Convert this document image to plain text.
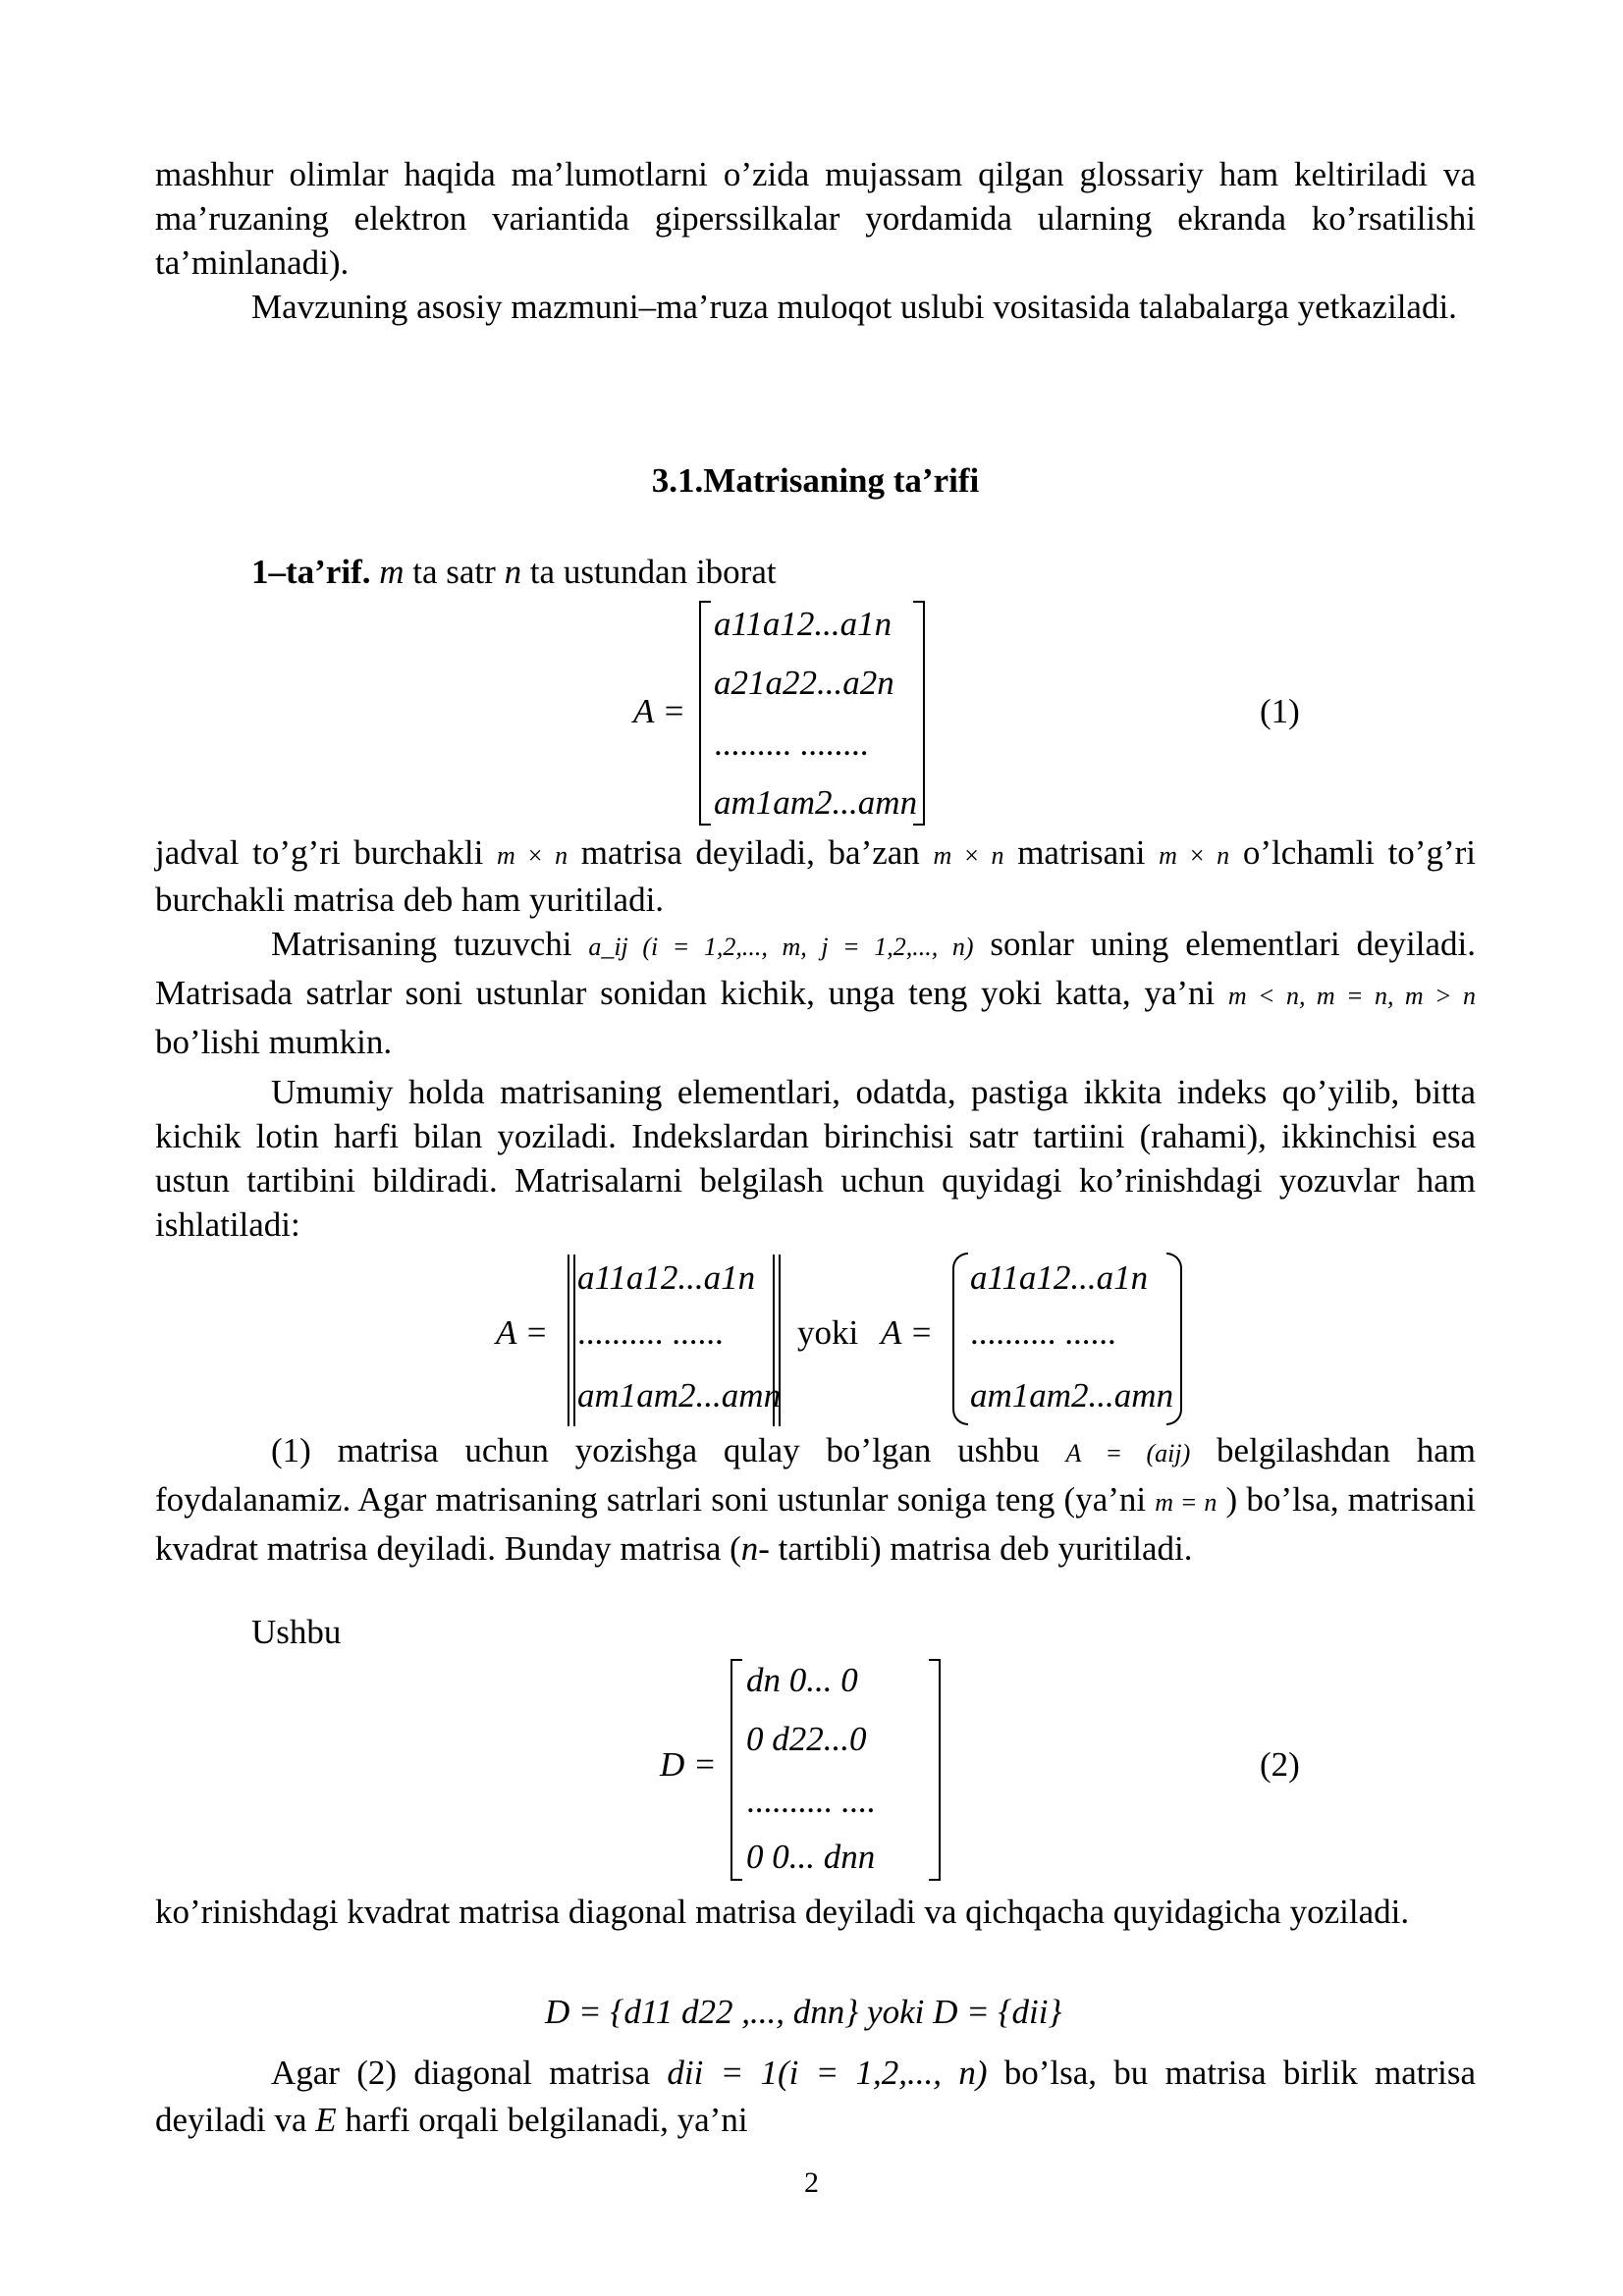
mashhur olimlar haqida ma’lumotlarni o’zida mujassam qilgan glossariy ham keltiriladi va ma’ruzaning elektron variantida giperssilkalar yordamida ularning ekranda ko’rsatilishi ta’minlanadi).

Mavzuning asosiy mazmuni–ma’ruza muloqot uslubi vositasida talabalarga yetkaziladi.

3.1.Matrisaning ta’rifi

1–ta’rif. m ta satr n ta ustundan iborat

A =
a11a12...a1n
a21a22...a2n
......... ........
am1am2...amn
(1)

jadval to’g’ri burchakli m × n matrisa deyiladi, ba’zan m × n matrisani m × n o’lchamli to’g’ri burchakli matrisa deb ham yuritiladi.

Matrisaning tuzuvchi a_ij (i = 1,2,..., m, j = 1,2,..., n) sonlar uning elementlari deyiladi. Matrisada satrlar soni ustunlar sonidan kichik, unga teng yoki katta, ya’ni m < n, m = n, m > n bo’lishi mumkin.

Umumiy holda matrisaning elementlari, odatda, pastiga ikkita indeks qo’yilib, bitta kichik lotin harfi bilan yoziladi. Indekslardan birinchisi satr tartiini (rahami), ikkinchisi esa ustun tartibini bildiradi. Matrisalarni belgilash uchun quyidagi ko’rinishdagi yozuvlar ham ishlatiladi:

A =
a11a12...a1n
.......... ......
am1am2...amn
yoki A =
a11a12...a1n
.......... ......
am1am2...amn

(1) matrisa uchun yozishga qulay bo’lgan ushbu A = (aij) belgilashdan ham foydalanamiz. Agar matrisaning satrlari soni ustunlar soniga teng (ya’ni m = n ) bo’lsa, matrisani kvadrat matrisa deyiladi. Bunday matrisa (n- tartibli) matrisa deb yuritiladi.

Ushbu

D =
dn 0... 0
0 d22...0
.......... ....
0 0... dnn
(2)

ko’rinishdagi kvadrat matrisa diagonal matrisa deyiladi va qichqacha quyidagicha yoziladi.

D = {d11 d22 ,..., dnn} yoki D = {dii}

Agar (2) diagonal matrisa dii = 1(i = 1,2,..., n) bo’lsa, bu matrisa birlik matrisa deyiladi va E harfi orqali belgilanadi, ya’ni

2
